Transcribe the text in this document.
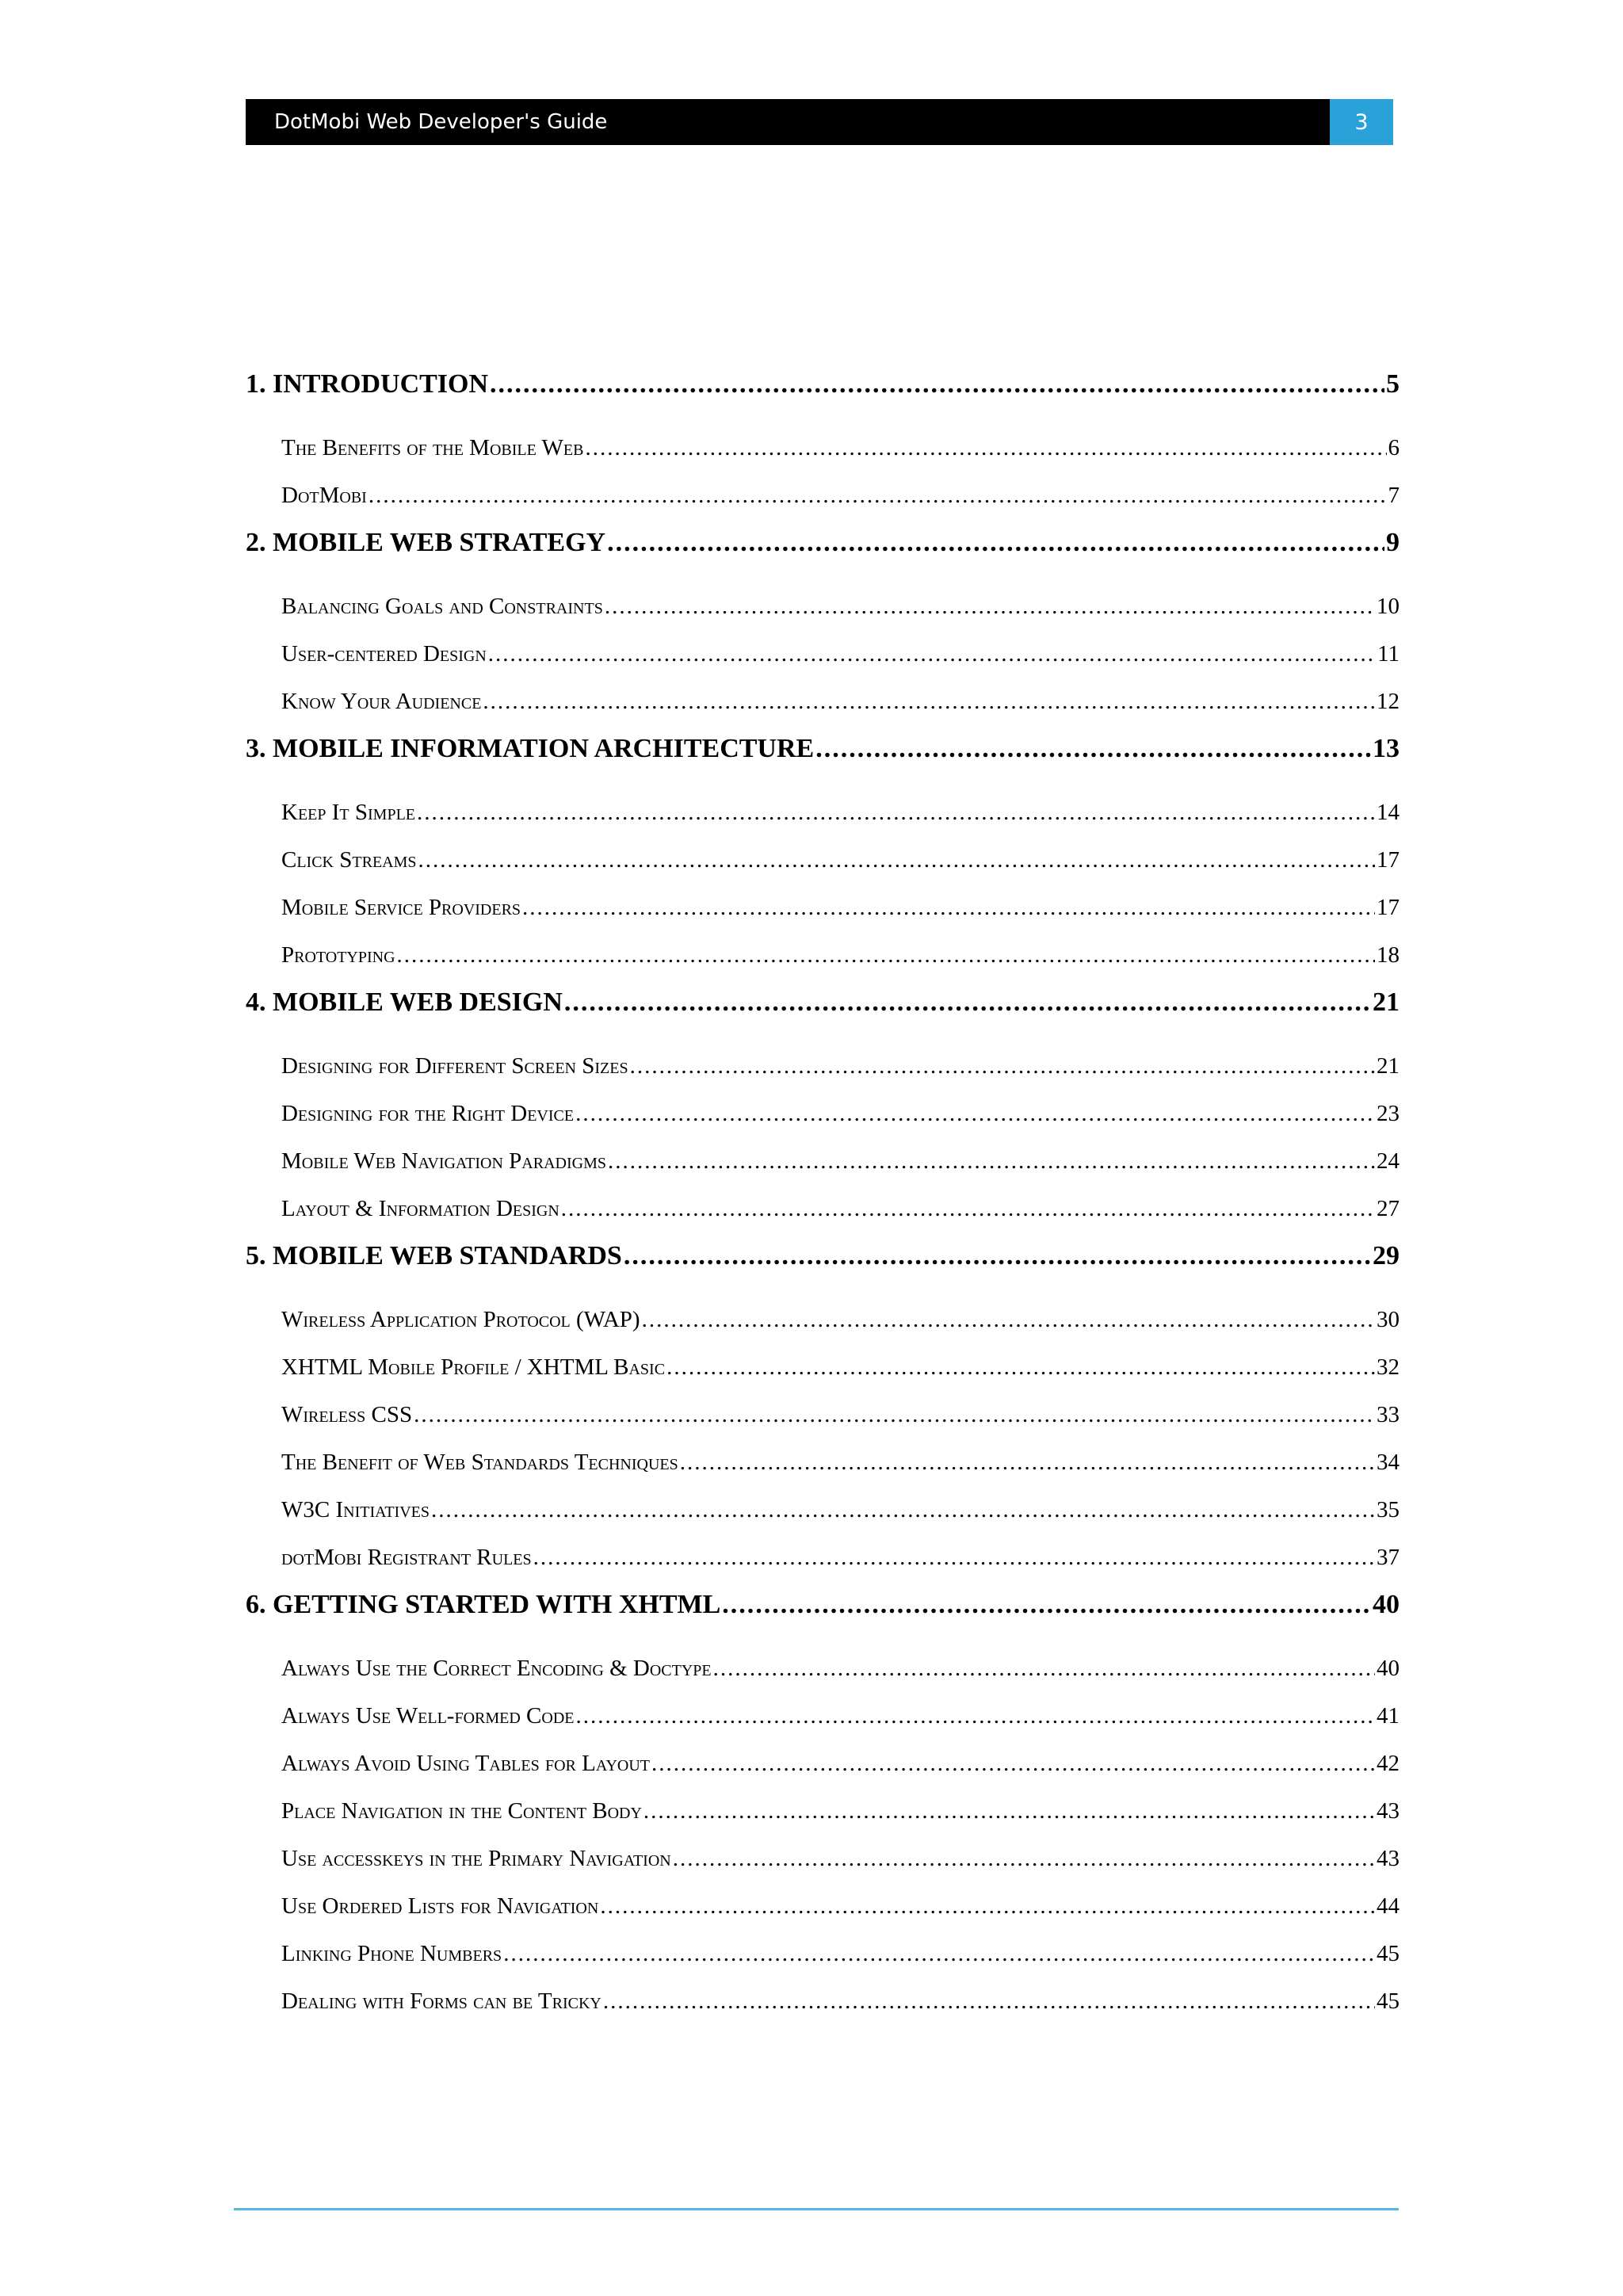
DotMobi Web Developer's Guide	3
1. INTRODUCTION .....	5
The Benefits of the Mobile Web .....	6
DotMobi .....	7
2. MOBILE WEB STRATEGY .....	9
Balancing Goals and Constraints .....	10
User-centered Design .....	11
Know Your Audience .....	12
3. MOBILE INFORMATION ARCHITECTURE .....	13
Keep It Simple .....	14
Click Streams .....	17
Mobile Service Providers .....	17
Prototyping .....	18
4. MOBILE WEB DESIGN .....	21
Designing for Different Screen Sizes .....	21
Designing for the Right Device .....	23
Mobile Web Navigation Paradigms .....	24
Layout & Information Design .....	27
5. MOBILE WEB STANDARDS .....	29
Wireless Application Protocol (WAP) .....	30
XHTML Mobile Profile / XHTML Basic .....	32
Wireless CSS .....	33
The Benefit of Web Standards Techniques .....	34
W3C Initiatives .....	35
dotMobi Registrant Rules .....	37
6. GETTING STARTED WITH XHTML .....	40
Always Use the Correct Encoding & Doctype .....	40
Always Use Well-formed Code .....	41
Always Avoid Using Tables for Layout .....	42
Place Navigation in the Content Body .....	43
Use accesskeys in the Primary Navigation .....	43
Use Ordered Lists for Navigation .....	44
Linking Phone Numbers .....	45
Dealing with Forms can be Tricky .....	45
